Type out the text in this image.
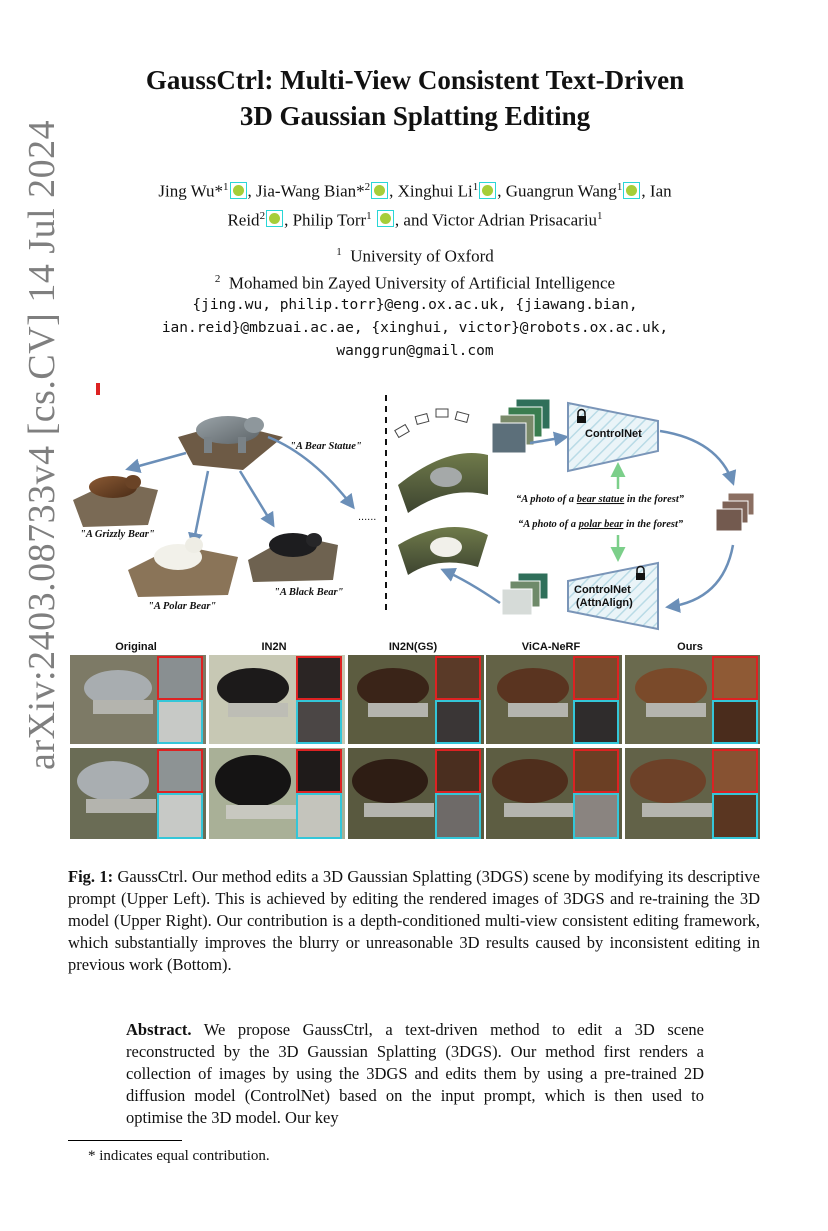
arXiv:2403.08733v4 [cs.CV] 14 Jul 2024
GaussCtrl: Multi-View Consistent Text-Driven
3D Gaussian Splatting Editing
Jing Wu*$^1$ , Jia-Wang Bian*$^2$ , Xinghui Li$^1$ , Guangrun Wang$^1$ , Ian
Reid$^2$ , Philip Torr$^1$ , and Victor Adrian Prisacariu$^1$
$^1$ University of Oxford
$^2$ Mohamed bin Zayed University of Artificial Intelligence
{jing.wu, philip.torr}@eng.ox.ac.uk, {jiawang.bian,
ian.reid}@mbzuai.ac.ae, {xinghui, victor}@robots.ox.ac.uk,
wanggrun@gmail.com
"A Bear Statue"
"A Grizzly Bear"
"A Polar Bear"
"A Black Bear"
......
ControlNet
“A photo of a bear statue in the forest”
“A photo of a polar bear in the forest”
ControlNet
(AttnAlign)
Original	IN2N	IN2N(GS)	ViCA-NeRF	Ours
Fig. 1: GaussCtrl. Our method edits a 3D Gaussian Splatting (3DGS) scene by modifying its descriptive prompt (Upper Left). This is achieved by editing the rendered images of 3DGS and re-training the 3D model (Upper Right). Our contribution is a depth-conditioned multi-view consistent editing framework, which substantially improves the blurry or unreasonable 3D results caused by inconsistent editing in previous work (Bottom).
Abstract. We propose GaussCtrl, a text-driven method to edit a 3D scene reconstructed by the 3D Gaussian Splatting (3DGS). Our method first renders a collection of images by using the 3DGS and edits them by using a pre-trained 2D diffusion model (ControlNet) based on the input prompt, which is then used to optimise the 3D model. Our key
* indicates equal contribution.
